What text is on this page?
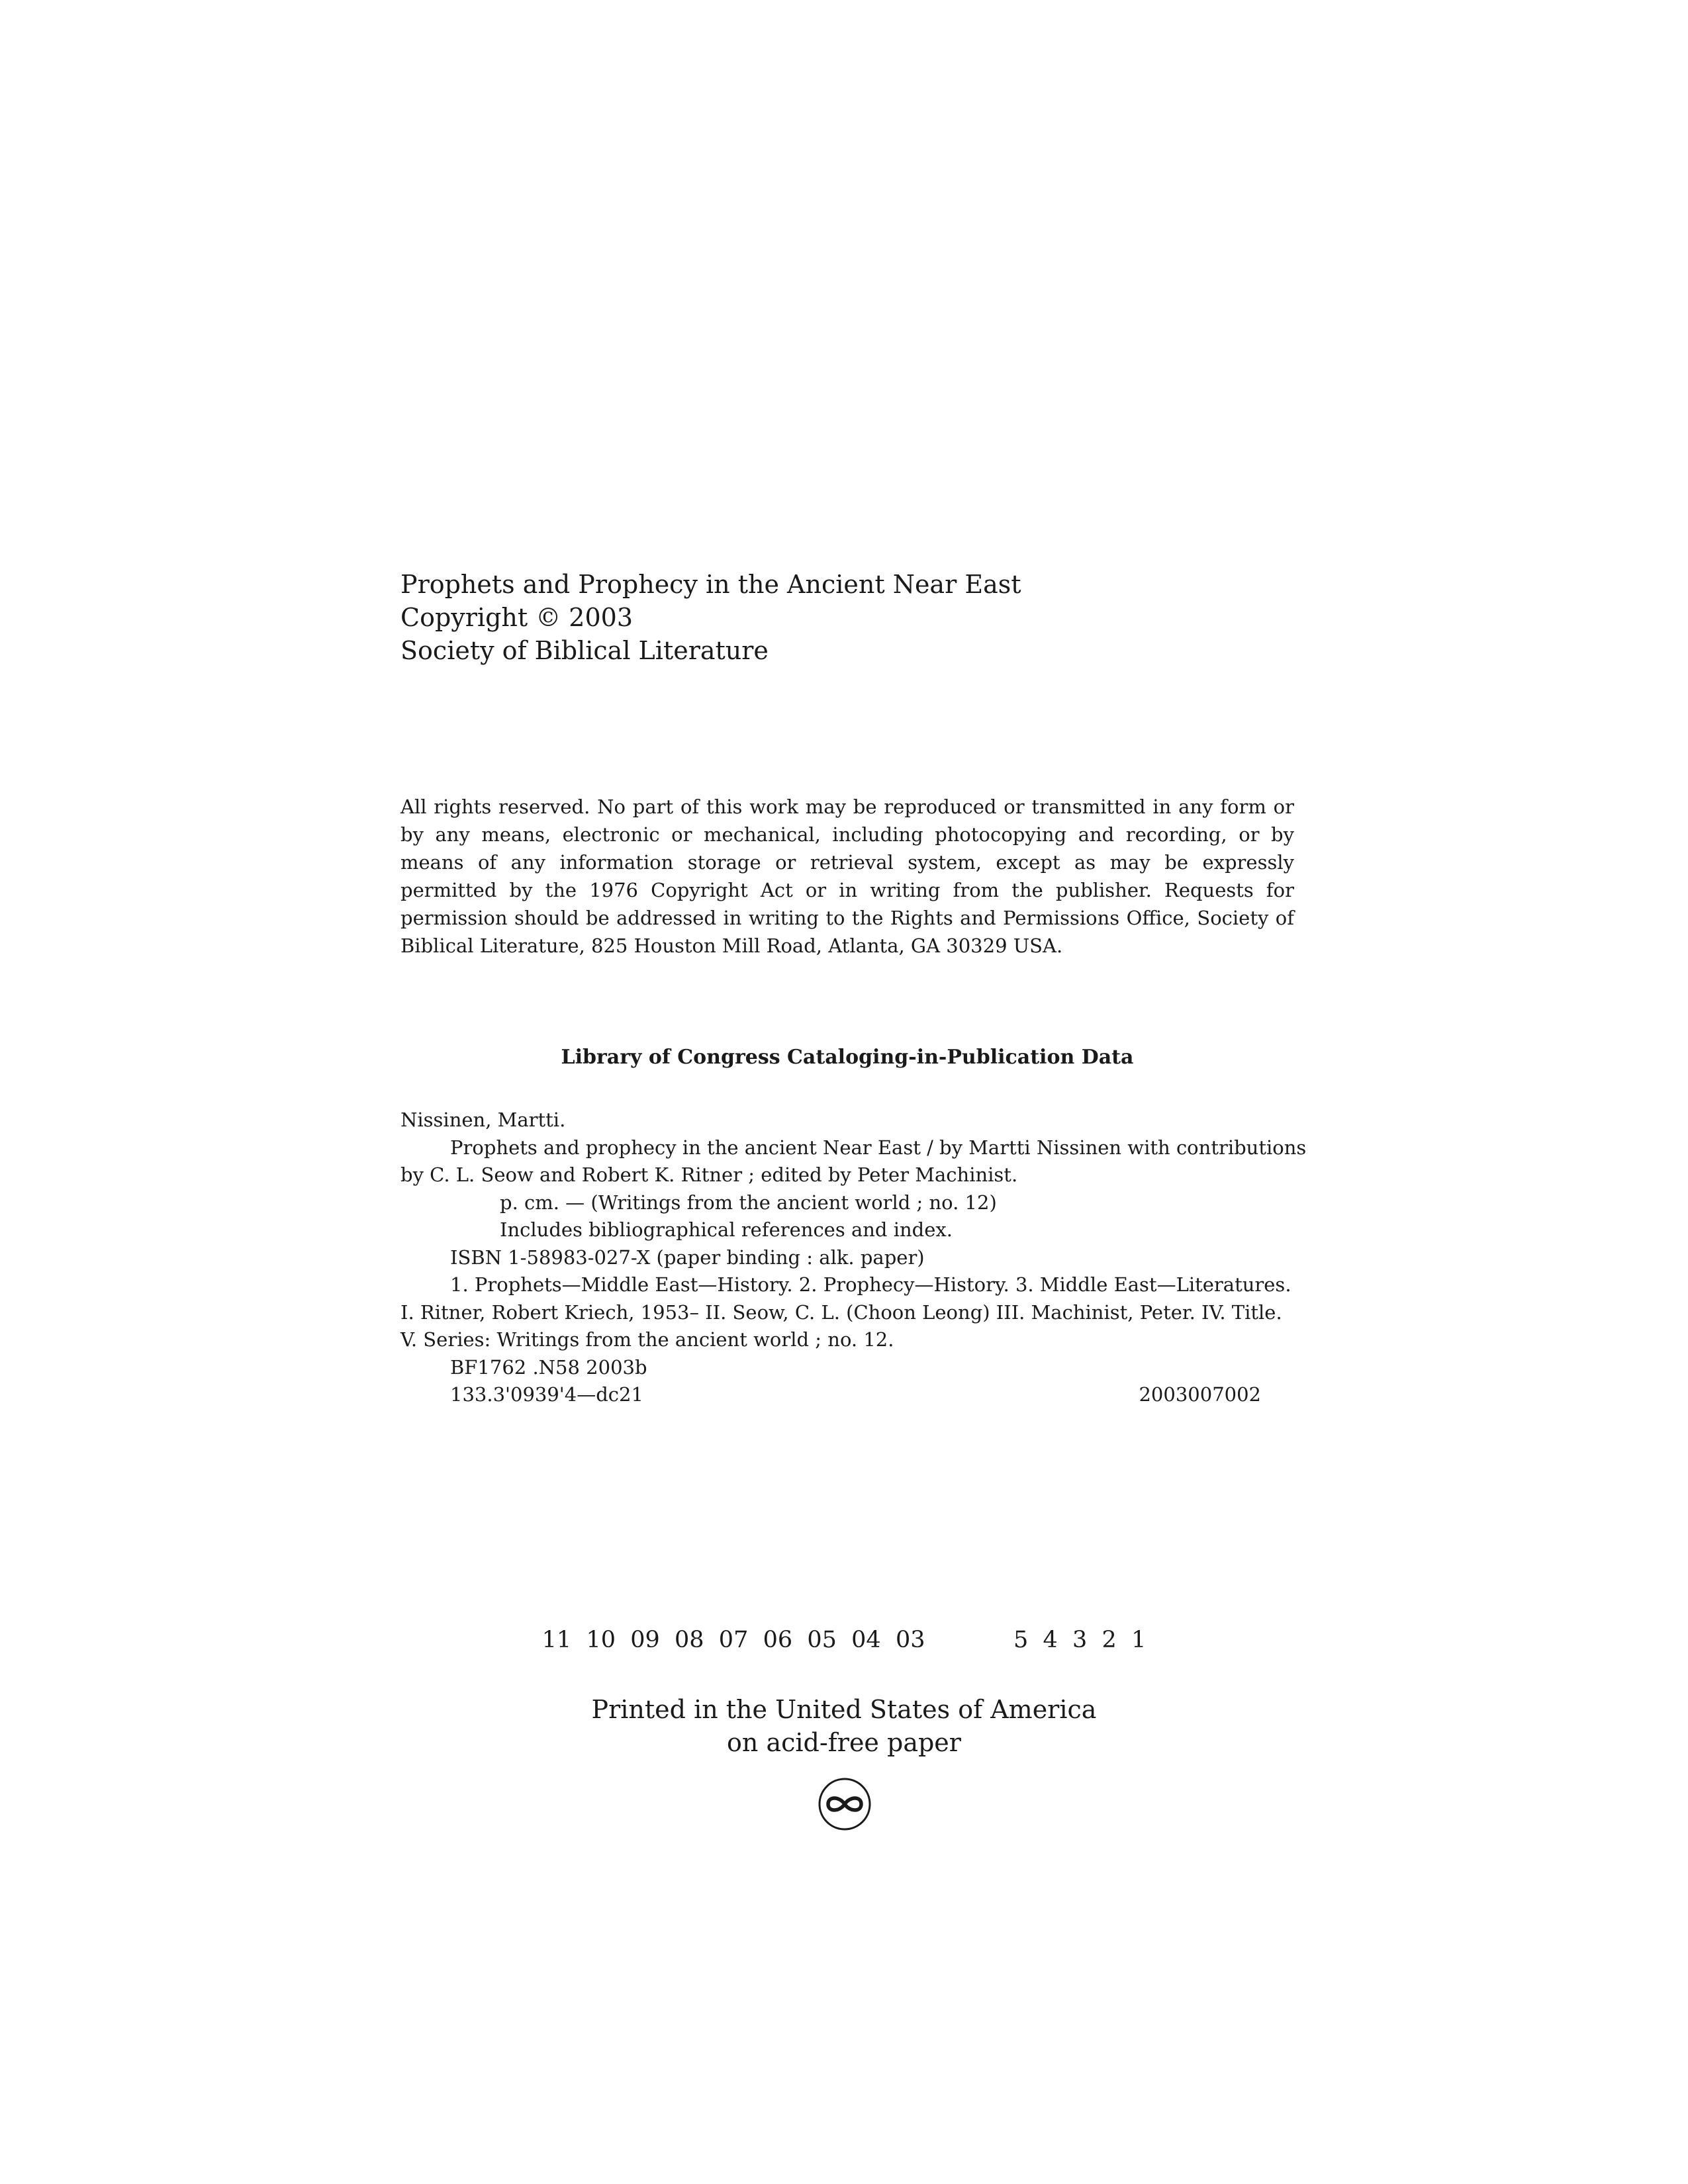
Prophets and Prophecy in the Ancient Near East
Copyright © 2003
Society of Biblical Literature
All rights reserved. No part of this work may be reproduced or transmitted in any form or by any means, electronic or mechanical, including photocopying and recording, or by means of any information storage or retrieval system, except as may be expressly permitted by the 1976 Copyright Act or in writing from the publisher. Requests for permission should be addressed in writing to the Rights and Permissions Office, Society of Biblical Literature, 825 Houston Mill Road, Atlanta, GA 30329 USA.
Library of Congress Cataloging-in-Publication Data
Nissinen, Martti.
Prophets and prophecy in the ancient Near East / by Martti Nissinen with contributions
by C. L. Seow and Robert K. Ritner ; edited by Peter Machinist.
p. cm. — (Writings from the ancient world ; no. 12)
Includes bibliographical references and index.
ISBN 1-58983-027-X (paper binding : alk. paper)
1. Prophets—Middle East—History. 2. Prophecy—History. 3. Middle East—Literatures.
I. Ritner, Robert Kriech, 1953– II. Seow, C. L. (Choon Leong) III. Machinist, Peter. IV. Title.
V. Series: Writings from the ancient world ; no. 12.
BF1762 .N58 2003b
133.3'0939'4—dc21	2003007002
11  10  09  08  07  06  05  04  03            5  4  3  2  1
Printed in the United States of America
on acid-free paper
